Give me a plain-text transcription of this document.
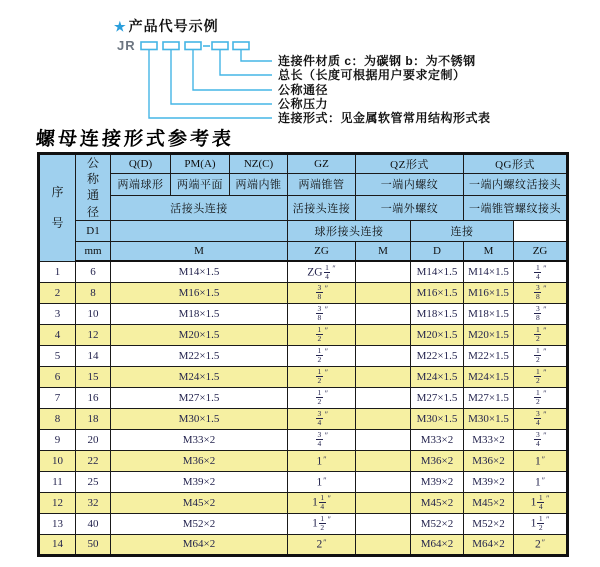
★ 产品代号示例
JR
连接件材质 c：为碳钢 b：为不锈钢
总长（长度可根据用户要求定制）
公称通径
公称压力
连接形式：见金属软管常用结构形式表
螺母连接形式参考表
序号	公称通径	Q(D)	PM(A)	NZ(C)	GZ	QZ形式		QG形式	
		两端球形	两端平面	两端内锥	两端锥管	一端内螺纹		一端内螺纹活接头	
		活接头连接			活接头连接	一端外螺纹		一端锥管螺纹接头	
	D1				球形接头连接		连接		
	mm	M			ZG	M	D	M	ZG
1	6	M14×1.5			ZG $\frac{1}{4} ''$		M14×1.5	M14×1.5	$\frac{1}{4} ''$
2	8	M16×1.5			$\frac{3}{8} ''$		M16×1.5	M16×1.5	$\frac{3}{8} ''$
3	10	M18×1.5			$\frac{3}{8} ''$		M18×1.5	M18×1.5	$\frac{3}{8} ''$
4	12	M20×1.5			$\frac{1}{2} ''$		M20×1.5	M20×1.5	$\frac{1}{2} ''$
5	14	M22×1.5			$\frac{1}{2} ''$		M22×1.5	M22×1.5	$\frac{1}{2} ''$
6	15	M24×1.5			$\frac{1}{2} ''$		M24×1.5	M24×1.5	$\frac{1}{2} ''$
7	16	M27×1.5			$\frac{1}{2} ''$		M27×1.5	M27×1.5	$\frac{1}{2} ''$
8	18	M30×1.5			$\frac{3}{4} ''$		M30×1.5	M30×1.5	$\frac{3}{4} ''$
9	20	M33×2			$\frac{3}{4} ''$		M33×2	M33×2	$\frac{3}{4} ''$
10	22	M36×2			1″		M36×2	M36×2	1″
11	25	M39×2			1″		M39×2	M39×2	1″
12	32	M45×2			$1 \frac{1}{4} ''$		M45×2	M45×2	$1 \frac{1}{4} ''$
13	40	M52×2			$1 \frac{1}{2} ''$		M52×2	M52×2	$1 \frac{1}{2} ''$
14	50	M64×2			2″		M64×2	M64×2	2″
